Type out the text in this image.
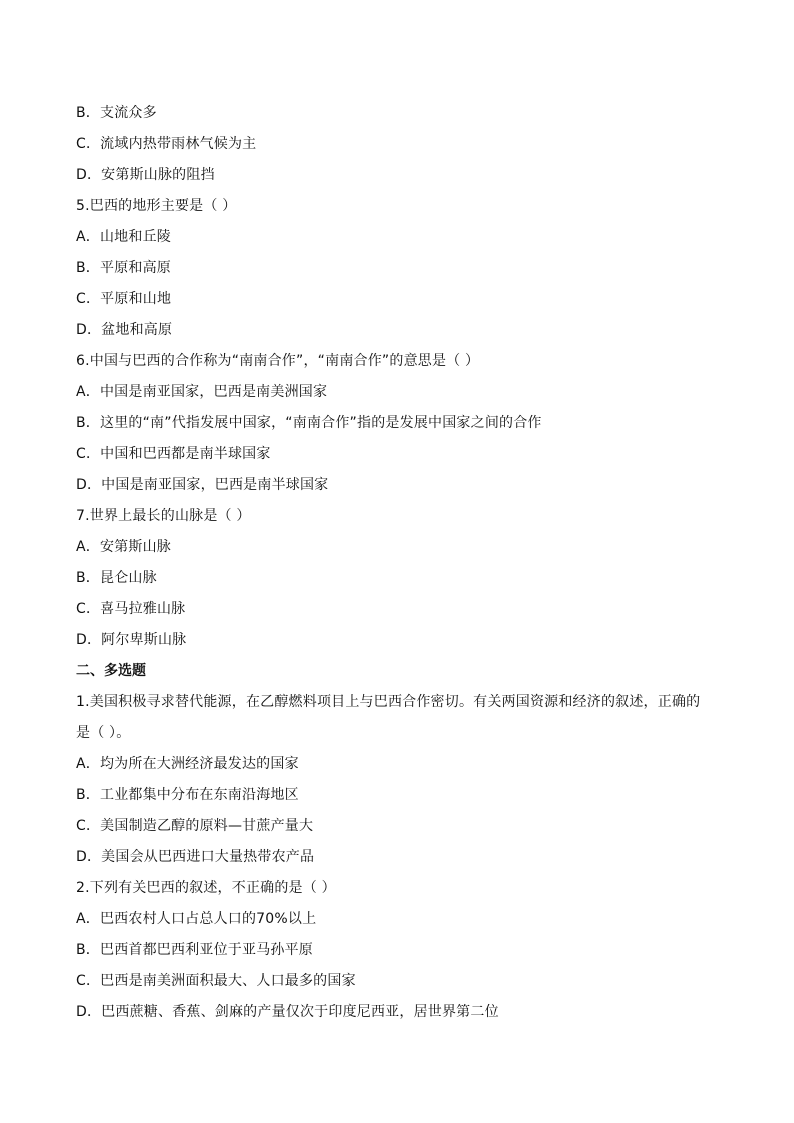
B．支流众多
C．流域内热带雨林气候为主
D．安第斯山脉的阻挡
5.巴西的地形主要是（ ）
A．山地和丘陵
B．平原和高原
C．平原和山地
D．盆地和高原
6.中国与巴西的合作称为“南南合作”，“南南合作”的意思是（ ）
A．中国是南亚国家，巴西是南美洲国家
B．这里的“南”代指发展中国家，“南南合作”指的是发展中国家之间的合作
C．中国和巴西都是南半球国家
D．中国是南亚国家，巴西是南半球国家
7.世界上最长的山脉是（ ）
A．安第斯山脉
B．昆仑山脉
C．喜马拉雅山脉
D．阿尔卑斯山脉
二、多选题
1.美国积极寻求替代能源，在乙醇燃料项目上与巴西合作密切。有关两国资源和经济的叙述，正确的
是（ ）。
A．均为所在大洲经济最发达的国家
B．工业都集中分布在东南沿海地区
C．美国制造乙醇的原料—甘蔗产量大
D．美国会从巴西进口大量热带农产品
2.下列有关巴西的叙述，不正确的是（ ）
A．巴西农村人口占总人口的70%以上
B．巴西首都巴西利亚位于亚马孙平原
C．巴西是南美洲面积最大、人口最多的国家
D．巴西蔗糖、香蕉、剑麻的产量仅次于印度尼西亚，居世界第二位
